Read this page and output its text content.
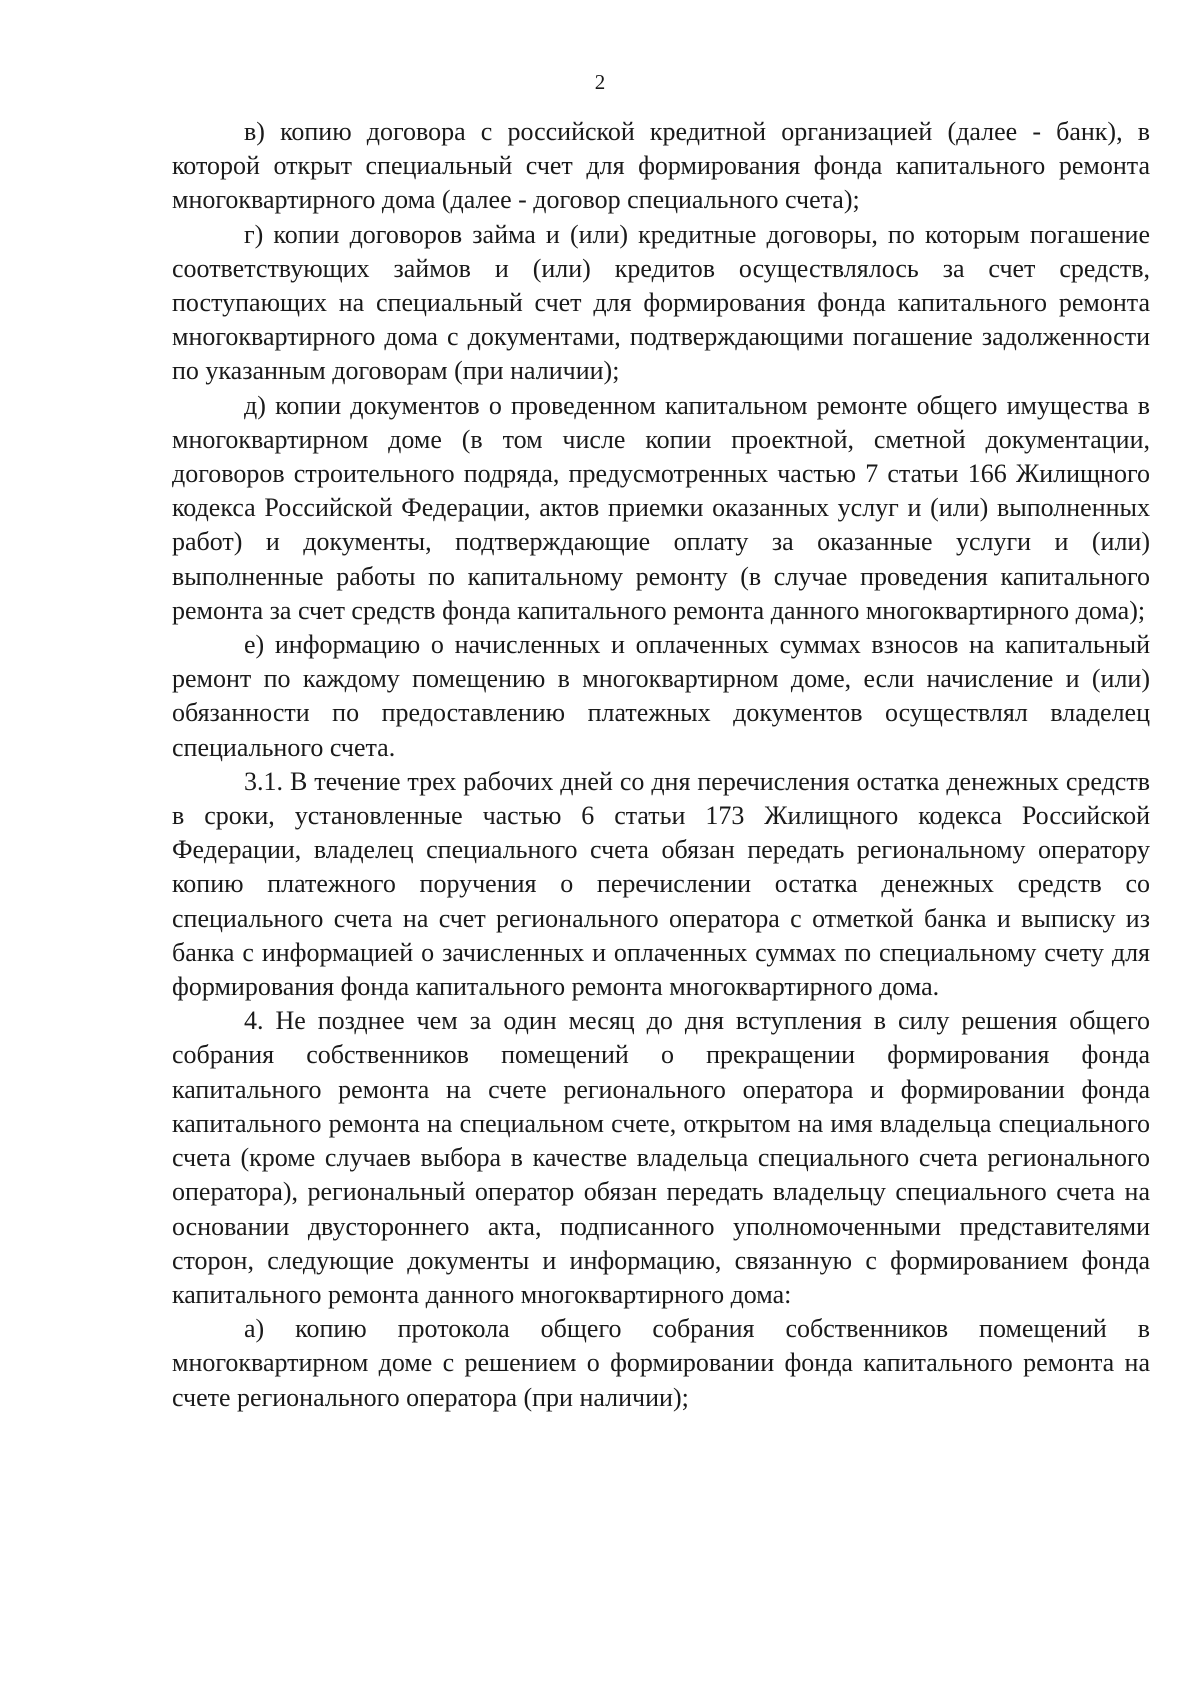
2

в) копию договора с российской кредитной организацией (далее - банк), в которой открыт специальный счет для формирования фонда капитального ремонта многоквартирного дома (далее - договор специального счета);

г) копии договоров займа и (или) кредитные договоры, по которым погашение соответствующих займов и (или) кредитов осуществлялось за счет средств, поступающих на специальный счет для формирования фонда капитального ремонта многоквартирного дома с документами, подтверждающими погашение задолженности по указанным договорам (при наличии);

д) копии документов о проведенном капитальном ремонте общего имущества в многоквартирном доме (в том числе копии проектной, сметной документации, договоров строительного подряда, предусмотренных частью 7 статьи 166 Жилищного кодекса Российской Федерации, актов приемки оказанных услуг и (или) выполненных работ) и документы, подтверждающие оплату за оказанные услуги и (или) выполненные работы по капитальному ремонту (в случае проведения капитального ремонта за счет средств фонда капитального ремонта данного многоквартирного дома);

е) информацию о начисленных и оплаченных суммах взносов на капитальный ремонт по каждому помещению в многоквартирном доме, если начисление и (или) обязанности по предоставлению платежных документов осуществлял владелец специального счета.

3.1. В течение трех рабочих дней со дня перечисления остатка денежных средств в сроки, установленные частью 6 статьи 173 Жилищного кодекса Российской Федерации, владелец специального счета обязан передать региональному оператору копию платежного поручения о перечислении остатка денежных средств со специального счета на счет регионального оператора с отметкой банка и выписку из банка с информацией о зачисленных и оплаченных суммах по специальному счету для формирования фонда капитального ремонта многоквартирного дома.

4. Не позднее чем за один месяц до дня вступления в силу решения общего собрания собственников помещений о прекращении формирования фонда капитального ремонта на счете регионального оператора и формировании фонда капитального ремонта на специальном счете, открытом на имя владельца специального счета (кроме случаев выбора в качестве владельца специального счета регионального оператора), региональный оператор обязан передать владельцу специального счета на основании двустороннего акта, подписанного уполномоченными представителями сторон, следующие документы и информацию, связанную с формированием фонда капитального ремонта данного многоквартирного дома:

а) копию протокола общего собрания собственников помещений в многоквартирном доме с решением о формировании фонда капитального ремонта на счете регионального оператора (при наличии);
